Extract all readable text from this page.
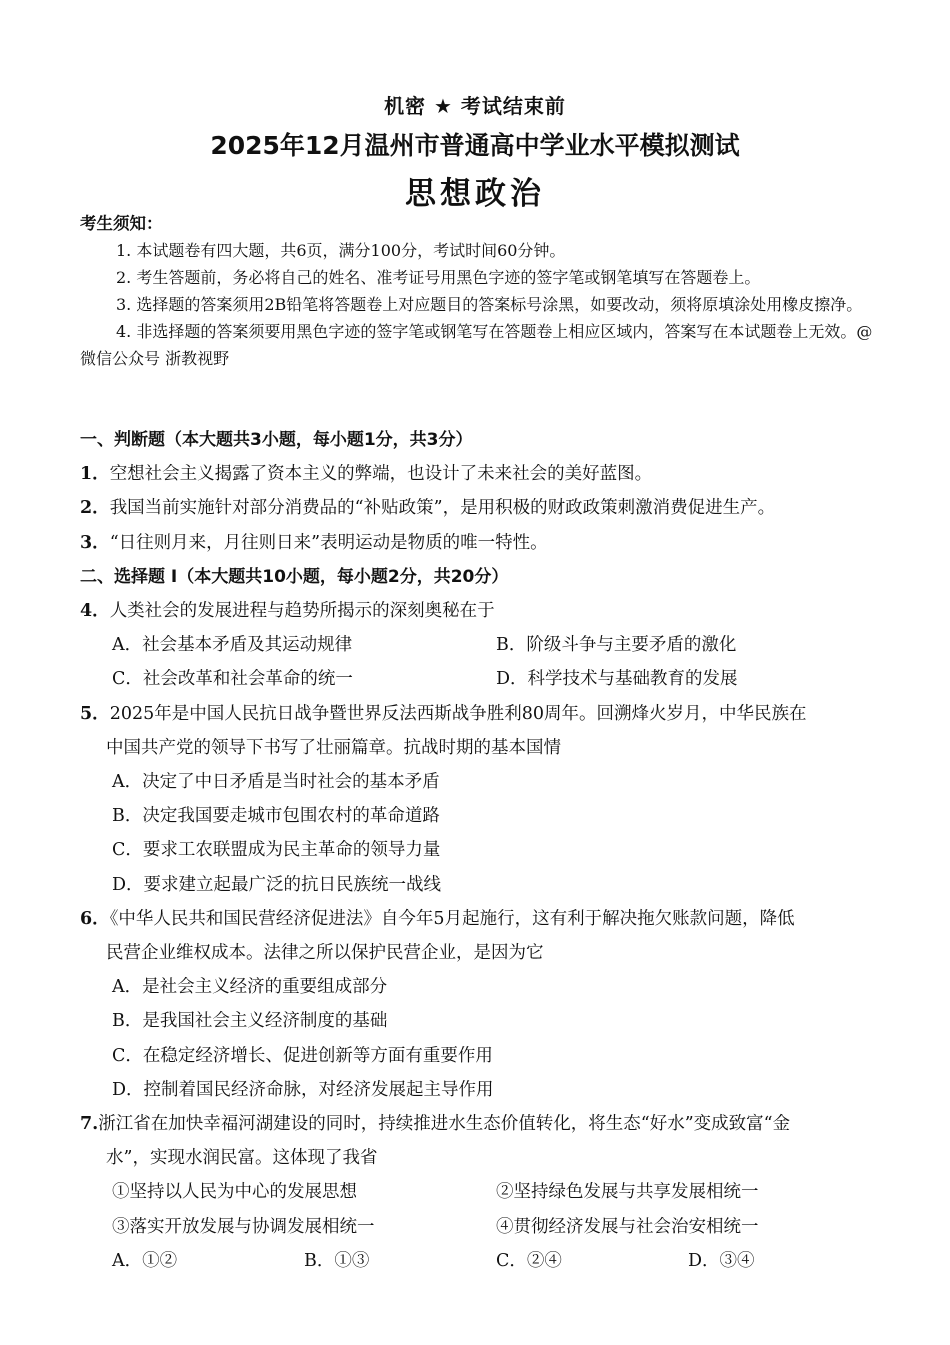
机密 ★ 考试结束前
2025年12月温州市普通高中学业水平模拟测试
思想政治
考生须知：
1. 本试题卷有四大题，共6页，满分100分，考试时间60分钟。
2. 考生答题前，务必将自己的姓名、准考证号用黑色字迹的签字笔或钢笔填写在答题卷上。
3. 选择题的答案须用2B铅笔将答题卷上对应题目的答案标号涂黑，如要改动，须将原填涂处用橡皮擦净。
4. 非选择题的答案须要用黑色字迹的签字笔或钢笔写在答题卷上相应区域内，答案写在本试题卷上无效。@微信公众号 浙教视野
一、判断题（本大题共3小题，每小题1分，共3分）
1．空想社会主义揭露了资本主义的弊端，也设计了未来社会的美好蓝图。
2．我国当前实施针对部分消费品的“补贴政策”，是用积极的财政政策刺激消费促进生产。
3．“日往则月来，月往则日来”表明运动是物质的唯一特性。
二、选择题 I（本大题共10小题，每小题2分，共20分）
4．人类社会的发展进程与趋势所揭示的深刻奥秘在于
A．社会基本矛盾及其运动规律	B．阶级斗争与主要矛盾的激化
C．社会改革和社会革命的统一	D．科学技术与基础教育的发展
5．2025年是中国人民抗日战争暨世界反法西斯战争胜利80周年。回溯烽火岁月，中华民族在
中国共产党的领导下书写了壮丽篇章。抗战时期的基本国情
A．决定了中日矛盾是当时社会的基本矛盾
B．决定我国要走城市包围农村的革命道路
C．要求工农联盟成为民主革命的领导力量
D．要求建立起最广泛的抗日民族统一战线
6．《中华人民共和国民营经济促进法》自今年5月起施行，这有利于解决拖欠账款问题，降低
民营企业维权成本。法律之所以保护民营企业，是因为它
A．是社会主义经济的重要组成部分
B．是我国社会主义经济制度的基础
C．在稳定经济增长、促进创新等方面有重要作用
D．控制着国民经济命脉，对经济发展起主导作用
7.浙江省在加快幸福河湖建设的同时，持续推进水生态价值转化，将生态“好水”变成致富“金
水”，实现水润民富。这体现了我省
①坚持以人民为中心的发展思想	②坚持绿色发展与共享发展相统一
③落实开放发展与协调发展相统一	④贯彻经济发展与社会治安相统一
A．①②	B．①③	C．②④	D．③④
